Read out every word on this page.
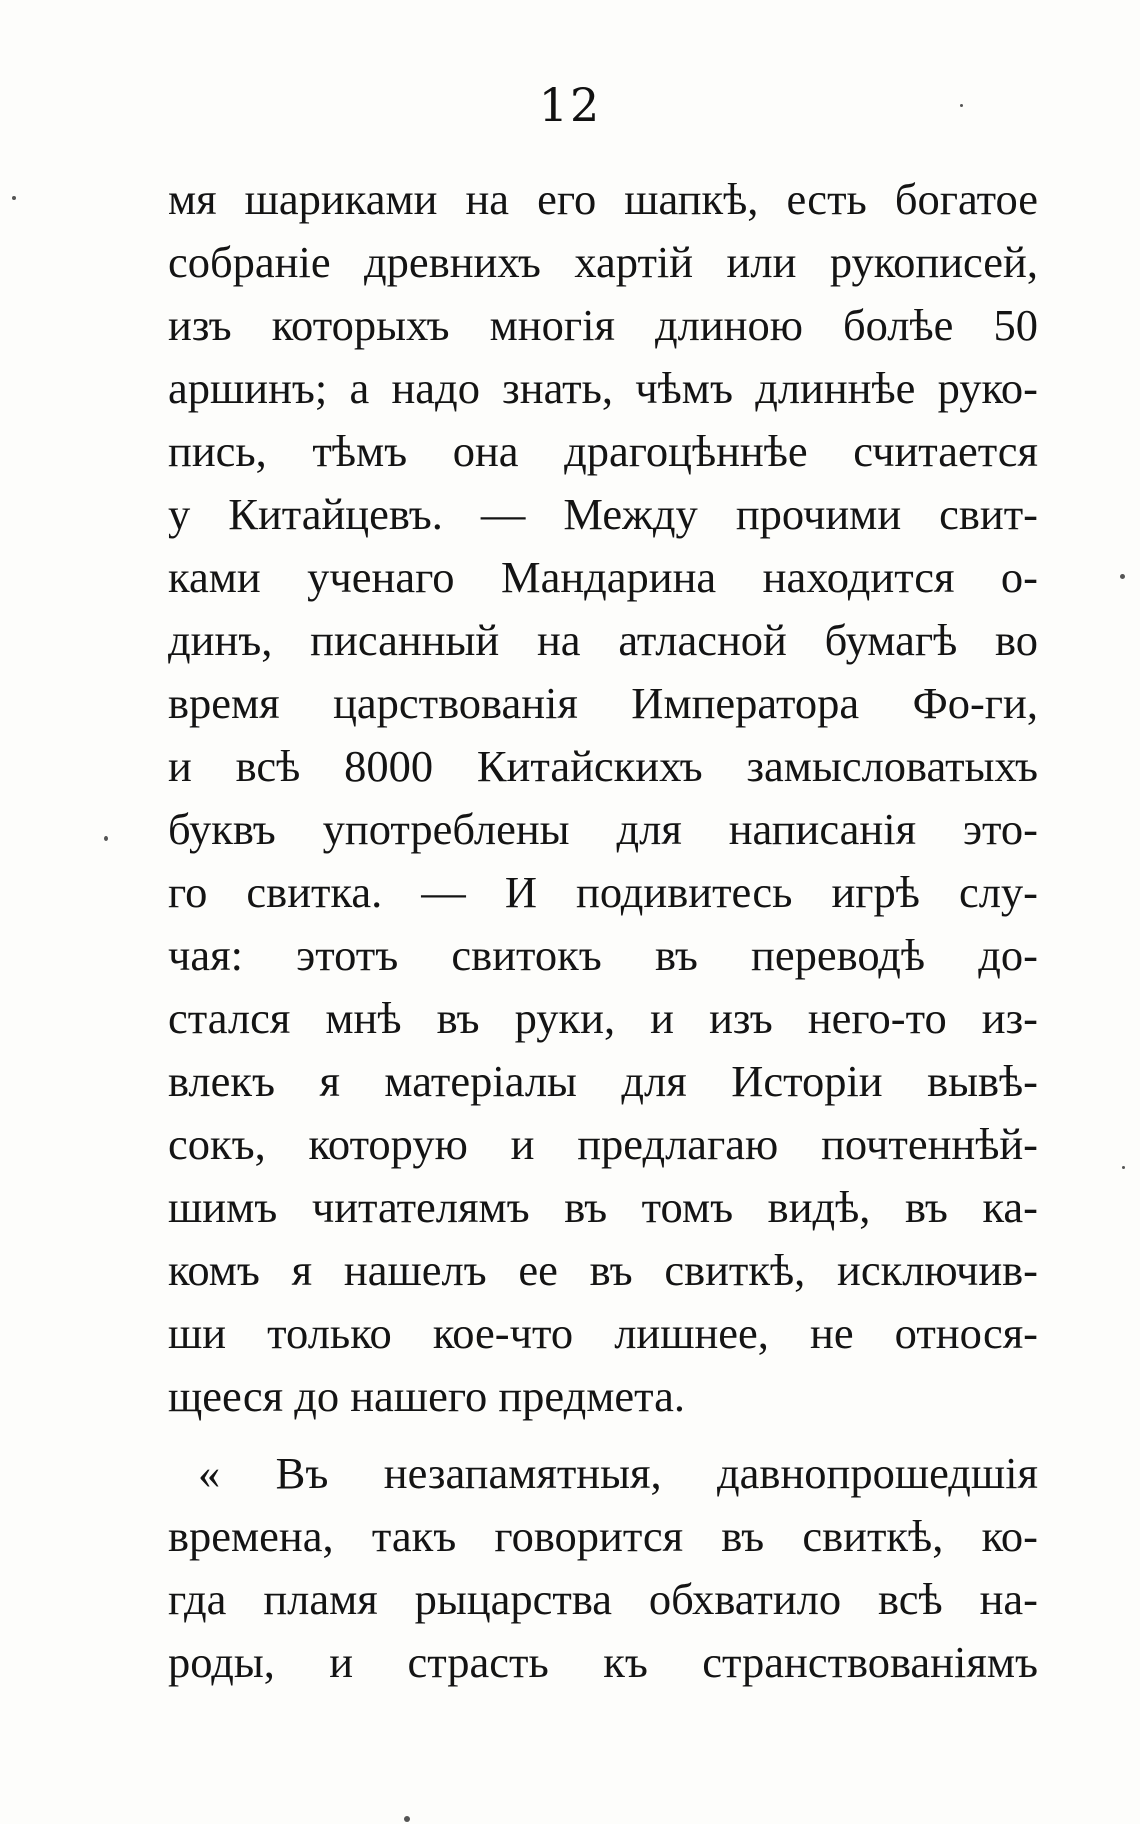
12
мя шариками на его шапкѣ, есть богатое
собраніе древнихъ хартій или рукописей,
изъ которыхъ многія длиною болѣе 50
аршинъ; а надо знать, чѣмъ длиннѣе руко-
пись, тѣмъ она драгоцѣннѣе считается
у Китайцевъ. — Между прочими свит-
ками ученаго Мандарина находится о-
динъ, писанный на атласной бумагѣ во
время царствованія Императора Фо-ги,
и всѣ 8000 Китайскихъ замысловатыхъ
буквъ употреблены для написанія это-
го свитка. — И подивитесь игрѣ слу-
чая: этотъ свитокъ въ переводѣ до-
стался мнѣ въ руки, и изъ него-то из-
влекъ я матеріалы для Исторіи вывѣ-
сокъ, которую и предлагаю почтеннѣй-
шимъ читателямъ въ томъ видѣ, въ ка-
комъ я нашелъ ее въ свиткѣ, исключив-
ши только кое-что лишнее, не относя-
щееся до нашего предмета.
« Въ незапамятныя, давнопрошедшія
времена, такъ говорится въ свиткѣ, ко-
гда пламя рыцарства обхватило всѣ на-
роды, и страсть къ странствованіямъ
